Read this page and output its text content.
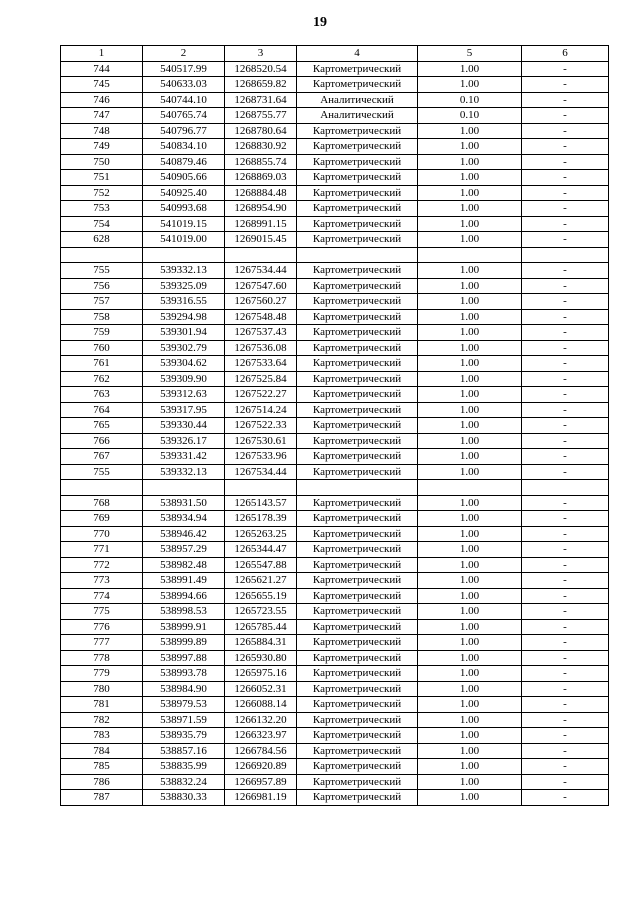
19
1	2	3	4	5	6
744	540517.99	1268520.54	Картометрический	1.00	-
745	540633.03	1268659.82	Картометрический	1.00	-
746	540744.10	1268731.64	Аналитический	0.10	-
747	540765.74	1268755.77	Аналитический	0.10	-
748	540796.77	1268780.64	Картометрический	1.00	-
749	540834.10	1268830.92	Картометрический	1.00	-
750	540879.46	1268855.74	Картометрический	1.00	-
751	540905.66	1268869.03	Картометрический	1.00	-
752	540925.40	1268884.48	Картометрический	1.00	-
753	540993.68	1268954.90	Картометрический	1.00	-
754	541019.15	1268991.15	Картометрический	1.00	-
628	541019.00	1269015.45	Картометрический	1.00	-

755	539332.13	1267534.44	Картометрический	1.00	-
756	539325.09	1267547.60	Картометрический	1.00	-
757	539316.55	1267560.27	Картометрический	1.00	-
758	539294.98	1267548.48	Картометрический	1.00	-
759	539301.94	1267537.43	Картометрический	1.00	-
760	539302.79	1267536.08	Картометрический	1.00	-
761	539304.62	1267533.64	Картометрический	1.00	-
762	539309.90	1267525.84	Картометрический	1.00	-
763	539312.63	1267522.27	Картометрический	1.00	-
764	539317.95	1267514.24	Картометрический	1.00	-
765	539330.44	1267522.33	Картометрический	1.00	-
766	539326.17	1267530.61	Картометрический	1.00	-
767	539331.42	1267533.96	Картометрический	1.00	-
755	539332.13	1267534.44	Картометрический	1.00	-

768	538931.50	1265143.57	Картометрический	1.00	-
769	538934.94	1265178.39	Картометрический	1.00	-
770	538946.42	1265263.25	Картометрический	1.00	-
771	538957.29	1265344.47	Картометрический	1.00	-
772	538982.48	1265547.88	Картометрический	1.00	-
773	538991.49	1265621.27	Картометрический	1.00	-
774	538994.66	1265655.19	Картометрический	1.00	-
775	538998.53	1265723.55	Картометрический	1.00	-
776	538999.91	1265785.44	Картометрический	1.00	-
777	538999.89	1265884.31	Картометрический	1.00	-
778	538997.88	1265930.80	Картометрический	1.00	-
779	538993.78	1265975.16	Картометрический	1.00	-
780	538984.90	1266052.31	Картометрический	1.00	-
781	538979.53	1266088.14	Картометрический	1.00	-
782	538971.59	1266132.20	Картометрический	1.00	-
783	538935.79	1266323.97	Картометрический	1.00	-
784	538857.16	1266784.56	Картометрический	1.00	-
785	538835.99	1266920.89	Картометрический	1.00	-
786	538832.24	1266957.89	Картометрический	1.00	-
787	538830.33	1266981.19	Картометрический	1.00	-
